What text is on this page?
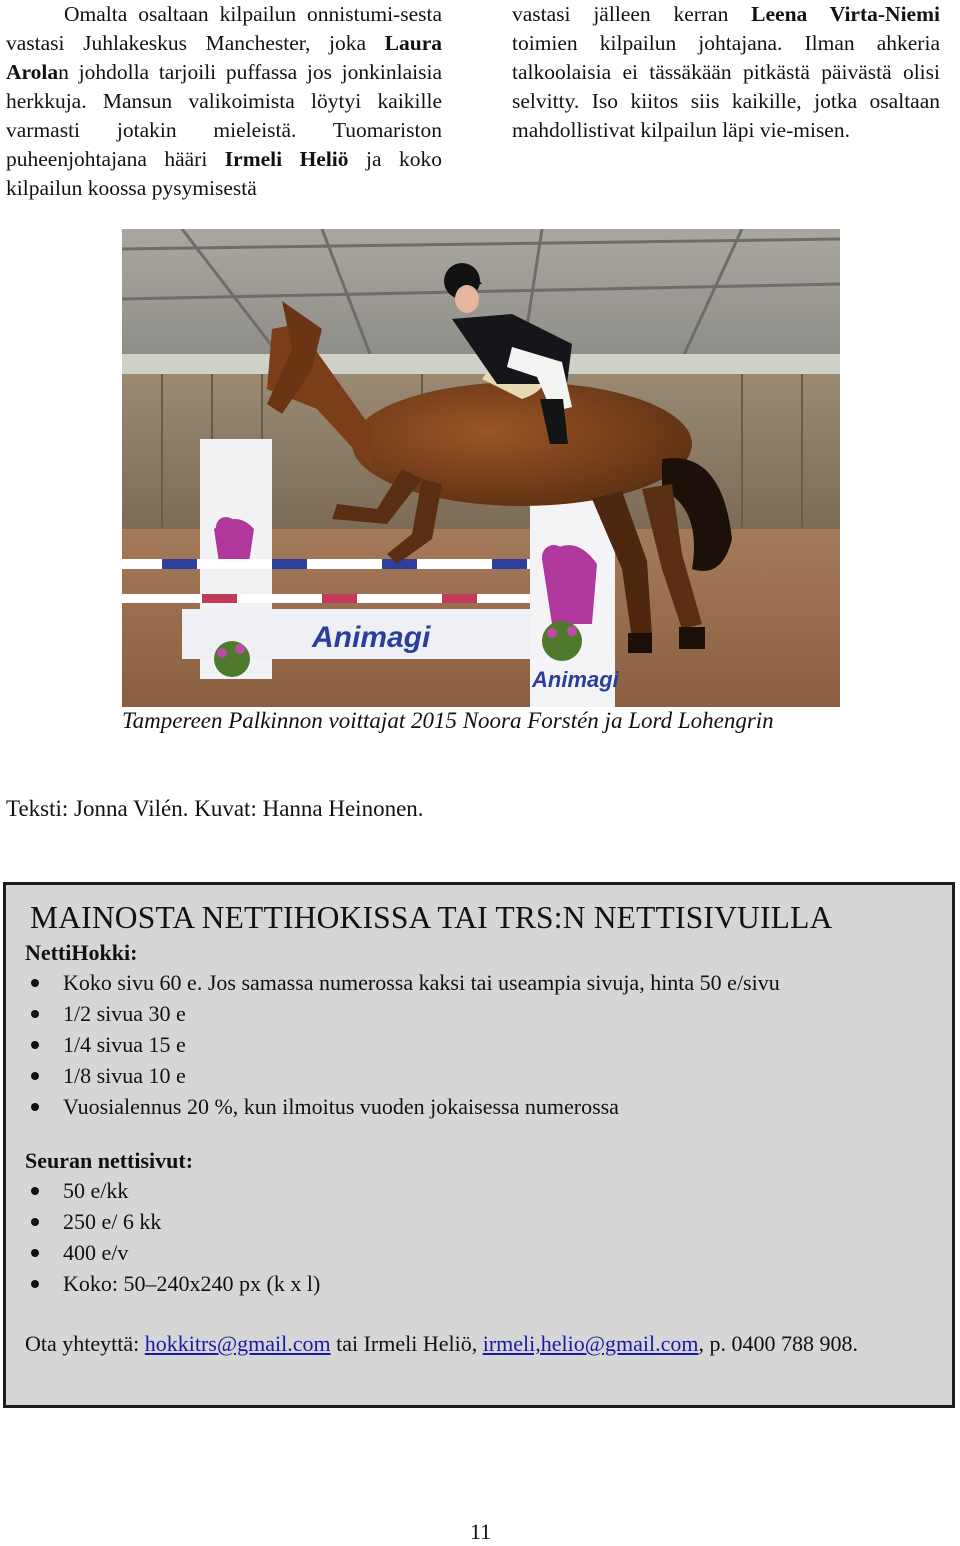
Omalta osaltaan kilpailun onnistumi-sesta vastasi Juhlakeskus Manchester, joka Laura Arolan johdolla tarjoili puffassa jos jonkinlaisia herkkuja. Mansun valikoimista löytyi kaikille varmasti jotakin mieleistä. Tuomariston puheenjohtajana hääri Irmeli Heliö ja koko kilpailun koossa pysymisestä

vastasi jälleen kerran Leena Virta-Niemi toimien kilpailun johtajana. Ilman ahkeria talkoolaisia ei tässäkään pitkästä päivästä olisi selvitty. Iso kiitos siis kaikille, jotka osaltaan mahdollistivat kilpailun läpi vie-misen.

Animagi
Animagi
Tampereen Palkinnon voittajat 2015 Noora Forstén ja Lord Lohengrin
Teksti: Jonna Vilén. Kuvat: Hanna Heinonen.
MAINOSTA NETTIHOKISSA TAI TRS:N NETTISIVUILLA
NettiHokki:
Koko sivu 60 e. Jos samassa numerossa kaksi tai useampia sivuja, hinta 50 e/sivu
1/2 sivua 30 e
1/4 sivua 15 e
1/8 sivua 10 e
Vuosialennus 20 %, kun ilmoitus vuoden jokaisessa numerossa
Seuran nettisivut:
50 e/kk
250 e/ 6 kk
400 e/v
Koko: 50–240x240 px (k x l)
Ota yhteyttä: hokkitrs@gmail.com tai Irmeli Heliö, irmeli,helio@gmail.com, p. 0400 788 908.
11
